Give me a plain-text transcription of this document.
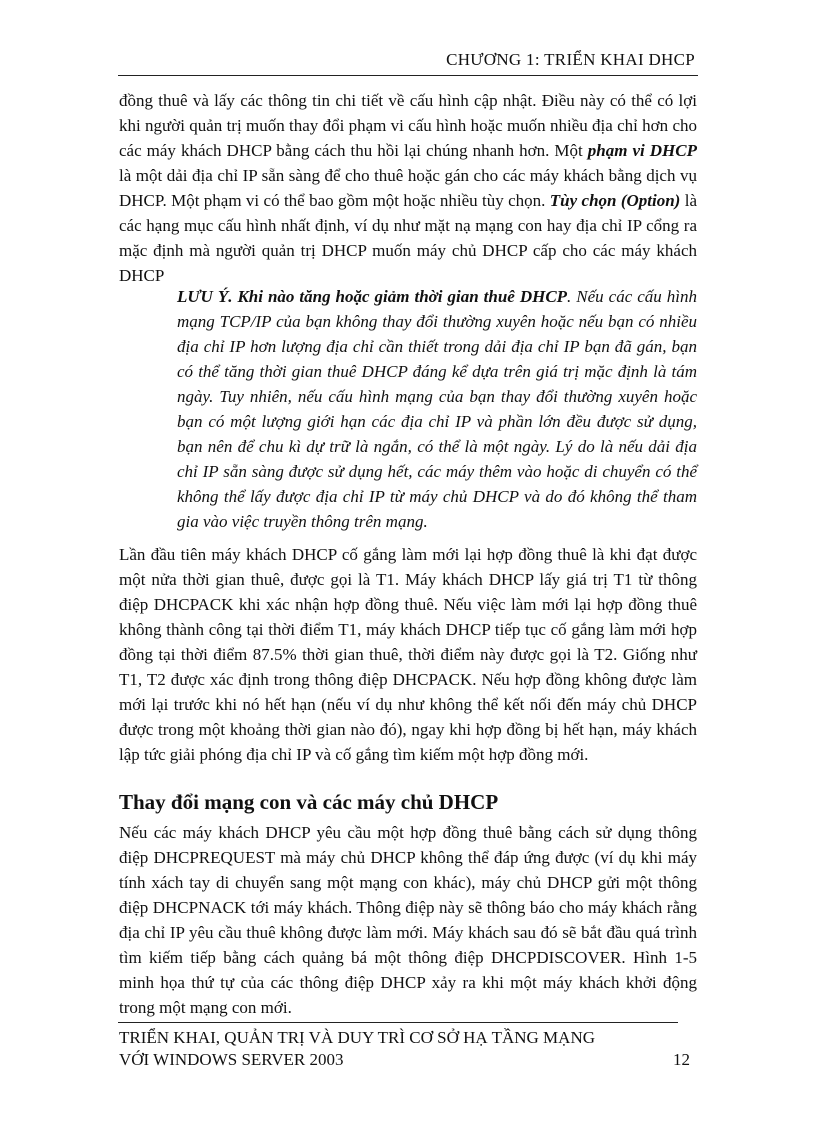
CHƯƠNG 1: TRIỂN KHAI DHCP

đồng thuê và lấy các thông tin chi tiết về cấu hình cập nhật. Điều này có thể có lợi khi người quản trị muốn thay đổi phạm vi cấu hình hoặc muốn nhiều địa chỉ hơn cho các máy khách DHCP bằng cách thu hồi lại chúng nhanh hơn. Một phạm vi DHCP là một dải địa chỉ IP sẵn sàng để cho thuê hoặc gán cho các máy khách bằng dịch vụ DHCP. Một phạm vi có thể bao gồm một hoặc nhiều tùy chọn. Tùy chọn (Option) là các hạng mục cấu hình nhất định, ví dụ như mặt nạ mạng con hay địa chỉ IP cổng ra mặc định mà người quản trị DHCP muốn máy chủ DHCP cấp cho các máy khách DHCP

LƯU Ý. Khi nào tăng hoặc giảm thời gian thuê DHCP. Nếu các cấu hình mạng TCP/IP của bạn không thay đổi thường xuyên hoặc nếu bạn có nhiều địa chỉ IP hơn lượng địa chỉ cần thiết trong dải địa chỉ IP bạn đã gán, bạn có thể tăng thời gian thuê DHCP đáng kể dựa trên giá trị mặc định là tám ngày. Tuy nhiên, nếu cấu hình mạng của bạn thay đổi thường xuyên hoặc bạn có một lượng giới hạn các địa chỉ IP và phần lớn đều được sử dụng, bạn nên để chu kì dự trữ là ngắn, có thể là một ngày. Lý do là nếu dải địa chỉ IP sẵn sàng được sử dụng hết, các máy thêm vào hoặc di chuyển có thể không thể lấy được địa chỉ IP từ máy chủ DHCP và do đó không thể tham gia vào việc truyền thông trên mạng.

Lần đầu tiên máy khách DHCP cố gắng làm mới lại hợp đồng thuê là khi đạt được một nửa thời gian thuê, được gọi là T1. Máy khách DHCP lấy giá trị T1 từ thông điệp DHCPACK khi xác nhận hợp đồng thuê. Nếu việc làm mới lại hợp đồng thuê không thành công tại thời điểm T1, máy khách DHCP tiếp tục cố gắng làm mới hợp đồng tại thời điểm 87.5% thời gian thuê, thời điểm này được gọi là T2. Giống như T1, T2 được xác định trong thông điệp DHCPACK. Nếu hợp đồng không được làm mới lại trước khi nó hết hạn (nếu ví dụ như không thể kết nối đến máy chủ DHCP được trong một khoảng thời gian nào đó), ngay khi hợp đồng bị hết hạn, máy khách lập tức giải phóng địa chỉ IP và cố gắng tìm kiếm một hợp đồng mới.

Thay đổi mạng con và các máy chủ DHCP

Nếu các máy khách DHCP yêu cầu một hợp đồng thuê bằng cách sử dụng thông điệp DHCPREQUEST mà máy chủ DHCP không thể đáp ứng được (ví dụ khi máy tính xách tay di chuyển sang một mạng con khác), máy chủ DHCP gửi một thông điệp DHCPNACK tới máy khách. Thông điệp này sẽ thông báo cho máy khách rằng địa chỉ IP yêu cầu thuê không được làm mới. Máy khách sau đó sẽ bắt đầu quá trình tìm kiếm tiếp bằng cách quảng bá một thông điệp DHCPDISCOVER. Hình 1-5 minh họa thứ tự của các thông điệp DHCP xảy ra khi một máy khách khởi động trong một mạng con mới.

TRIỂN KHAI, QUẢN TRỊ VÀ DUY TRÌ CƠ SỞ HẠ TẦNG MẠNG
VỚI WINDOWS SERVER 2003	12
